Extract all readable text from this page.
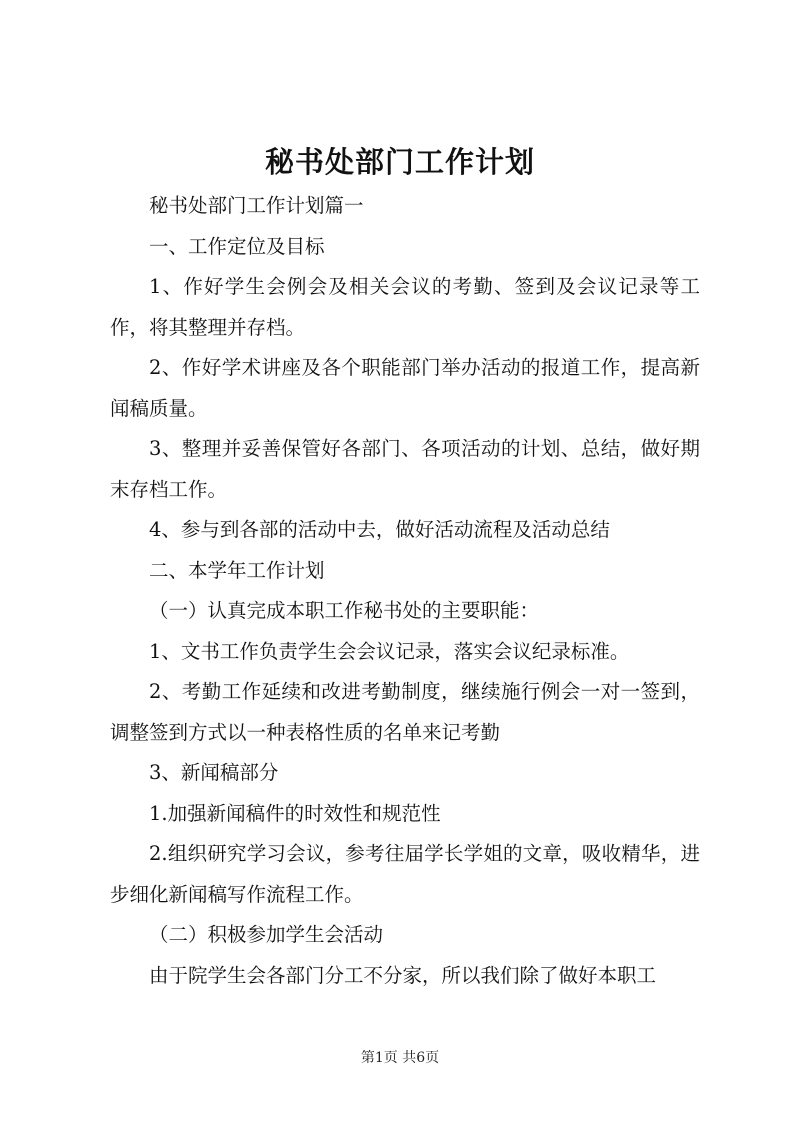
秘书处部门工作计划

秘书处部门工作计划篇一

一、工作定位及目标

1、作好学生会例会及相关会议的考勤、签到及会议记录等工作，将其整理并存档。

2、作好学术讲座及各个职能部门举办活动的报道工作，提高新闻稿质量。

3、整理并妥善保管好各部门、各项活动的计划、总结，做好期末存档工作。

4、参与到各部的活动中去，做好活动流程及活动总结

二、本学年工作计划

（一）认真完成本职工作秘书处的主要职能：

1、文书工作负责学生会会议记录，落实会议纪录标准。

2、考勤工作延续和改进考勤制度，继续施行例会一对一签到，调整签到方式以一种表格性质的名单来记考勤

3、新闻稿部分

1.加强新闻稿件的时效性和规范性

2.组织研究学习会议，参考往届学长学姐的文章，吸收精华，进步细化新闻稿写作流程工作。

（二）积极参加学生会活动

由于院学生会各部门分工不分家，所以我们除了做好本职工

第1页 共6页
